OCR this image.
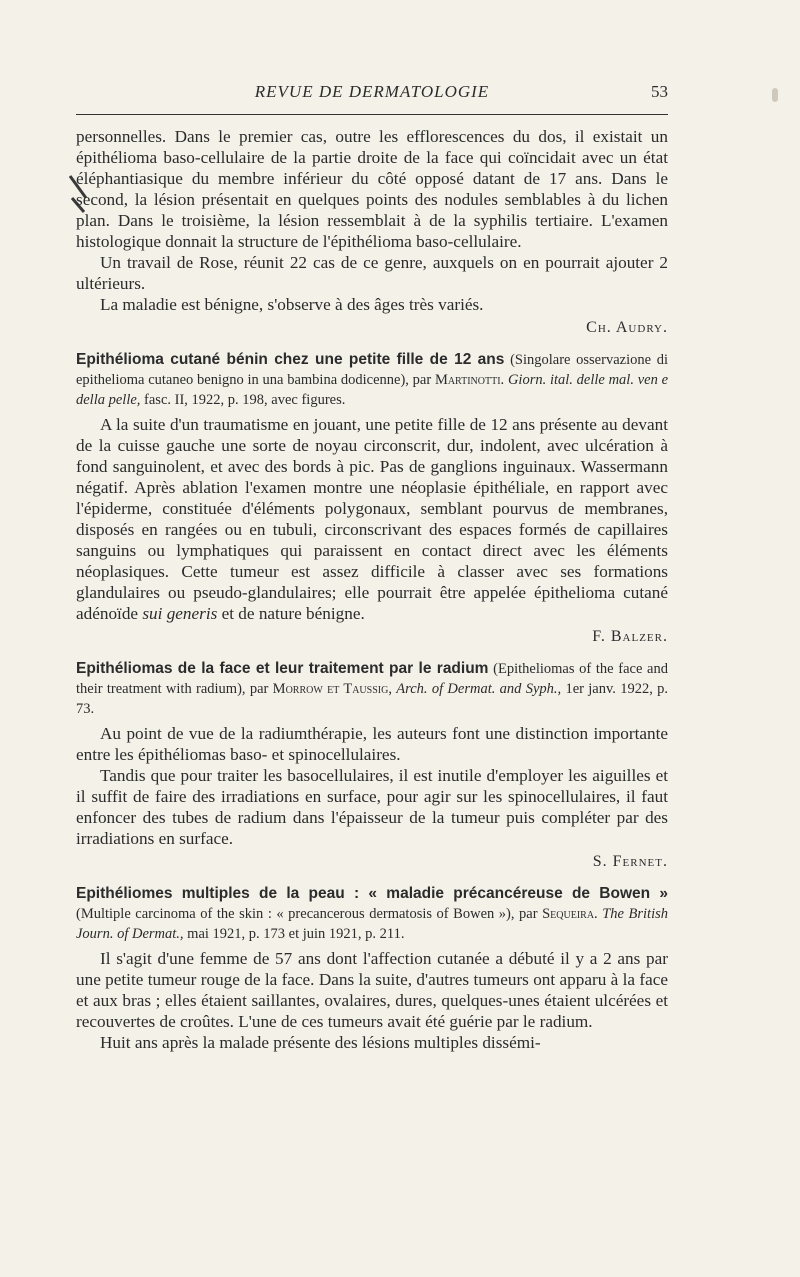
REVUE DE DERMATOLOGIE	53

personnelles. Dans le premier cas, outre les efflorescences du dos, il existait un épithélioma baso-cellulaire de la partie droite de la face qui coïncidait avec un état éléphantiasique du membre inférieur du côté opposé datant de 17 ans. Dans le second, la lésion présentait en quelques points des nodules semblables à du lichen plan. Dans le troisième, la lésion ressemblait à de la syphilis tertiaire. L'examen histologique donnait la structure de l'épithélioma baso-cellulaire.

Un travail de Rose, réunit 22 cas de ce genre, auxquels on en pourrait ajouter 2 ultérieurs.

La maladie est bénigne, s'observe à des âges très variés.

Ch. Audry.

Epithélioma cutané bénin chez une petite fille de 12 ans (Singolare osservazione di epithelioma cutaneo benigno in una bambina dodicenne), par Martinotti. Giorn. ital. delle mal. ven e della pelle, fasc. II, 1922, p. 198, avec figures.

A la suite d'un traumatisme en jouant, une petite fille de 12 ans présente au devant de la cuisse gauche une sorte de noyau circonscrit, dur, indolent, avec ulcération à fond sanguinolent, et avec des bords à pic. Pas de ganglions inguinaux. Wassermann négatif. Après ablation l'examen montre une néoplasie épithéliale, en rapport avec l'épiderme, constituée d'éléments polygonaux, semblant pourvus de membranes, disposés en rangées ou en tubuli, circonscrivant des espaces formés de capillaires sanguins ou lymphatiques qui paraissent en contact direct avec les éléments néoplasiques. Cette tumeur est assez difficile à classer avec ses formations glandulaires ou pseudo-glandulaires; elle pourrait être appelée épithelioma cutané adénoïde sui generis et de nature bénigne.

F. Balzer.

Epithéliomas de la face et leur traitement par le radium (Epitheliomas of the face and their treatment with radium), par Morrow et Taussig, Arch. of Dermat. and Syph., 1er janv. 1922, p. 73.

Au point de vue de la radiumthérapie, les auteurs font une distinction importante entre les épithéliomas baso- et spinocellulaires.

Tandis que pour traiter les basocellulaires, il est inutile d'employer les aiguilles et il suffit de faire des irradiations en surface, pour agir sur les spinocellulaires, il faut enfoncer des tubes de radium dans l'épaisseur de la tumeur puis compléter par des irradiations en surface.

S. Fernet.

Epithéliomes multiples de la peau : « maladie précancéreuse de Bowen » (Multiple carcinoma of the skin : « precancerous dermatosis of Bowen »), par Sequeira. The British Journ. of Dermat., mai 1921, p. 173 et juin 1921, p. 211.

Il s'agit d'une femme de 57 ans dont l'affection cutanée a débuté il y a 2 ans par une petite tumeur rouge de la face. Dans la suite, d'autres tumeurs ont apparu à la face et aux bras ; elles étaient saillantes, ovalaires, dures, quelques-unes étaient ulcérées et recouvertes de croûtes. L'une de ces tumeurs avait été guérie par le radium.

Huit ans après la malade présente des lésions multiples dissémi-
